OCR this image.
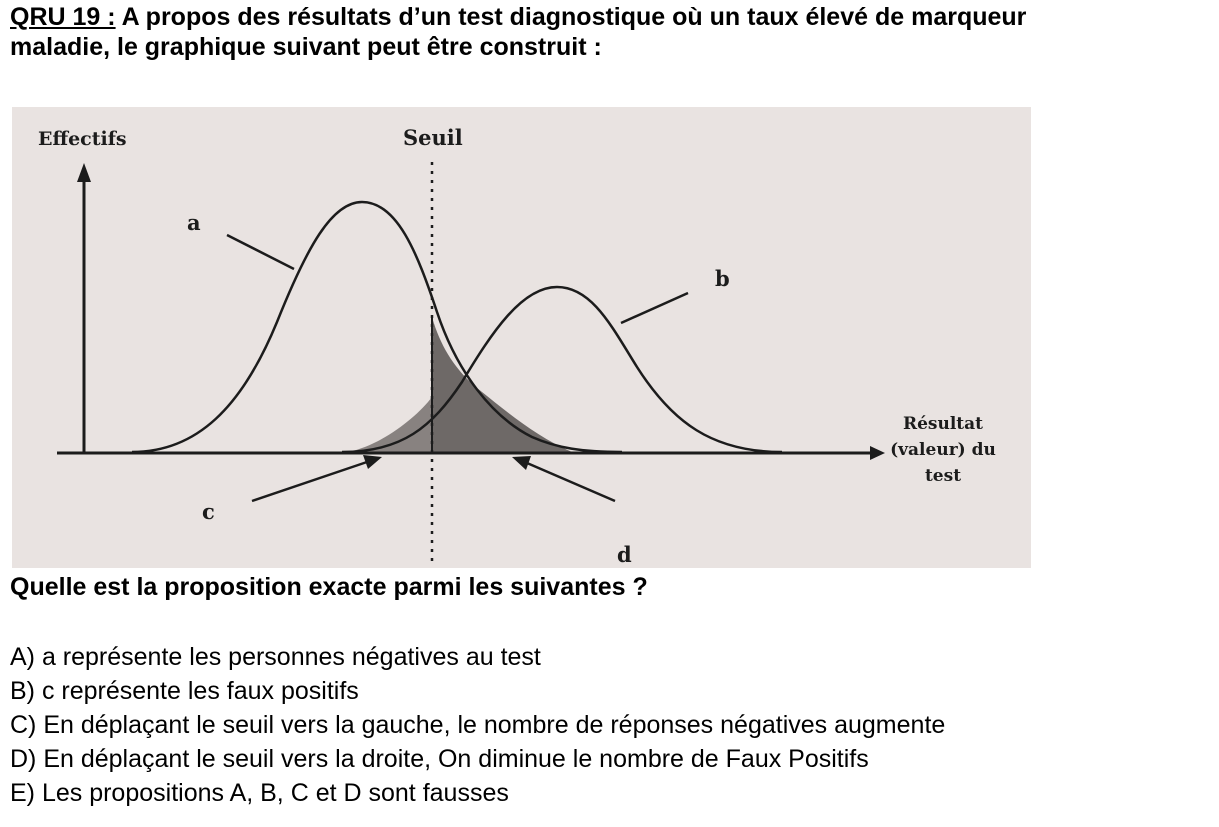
QRU 19 : A propos des résultats d’un test diagnostique où un taux élevé de marqueur
maladie, le graphique suivant peut être construit :
Effectifs	Seuil
a
b
c
d
Résultat
(valeur) du
test
Quelle est la proposition exacte parmi les suivantes ?
A) a représente les personnes négatives au test
B) c représente les faux positifs
C) En déplaçant le seuil vers la gauche, le nombre de réponses négatives augmente
D) En déplaçant le seuil vers la droite, On diminue le nombre de Faux Positifs
E) Les propositions A, B, C et D sont fausses
